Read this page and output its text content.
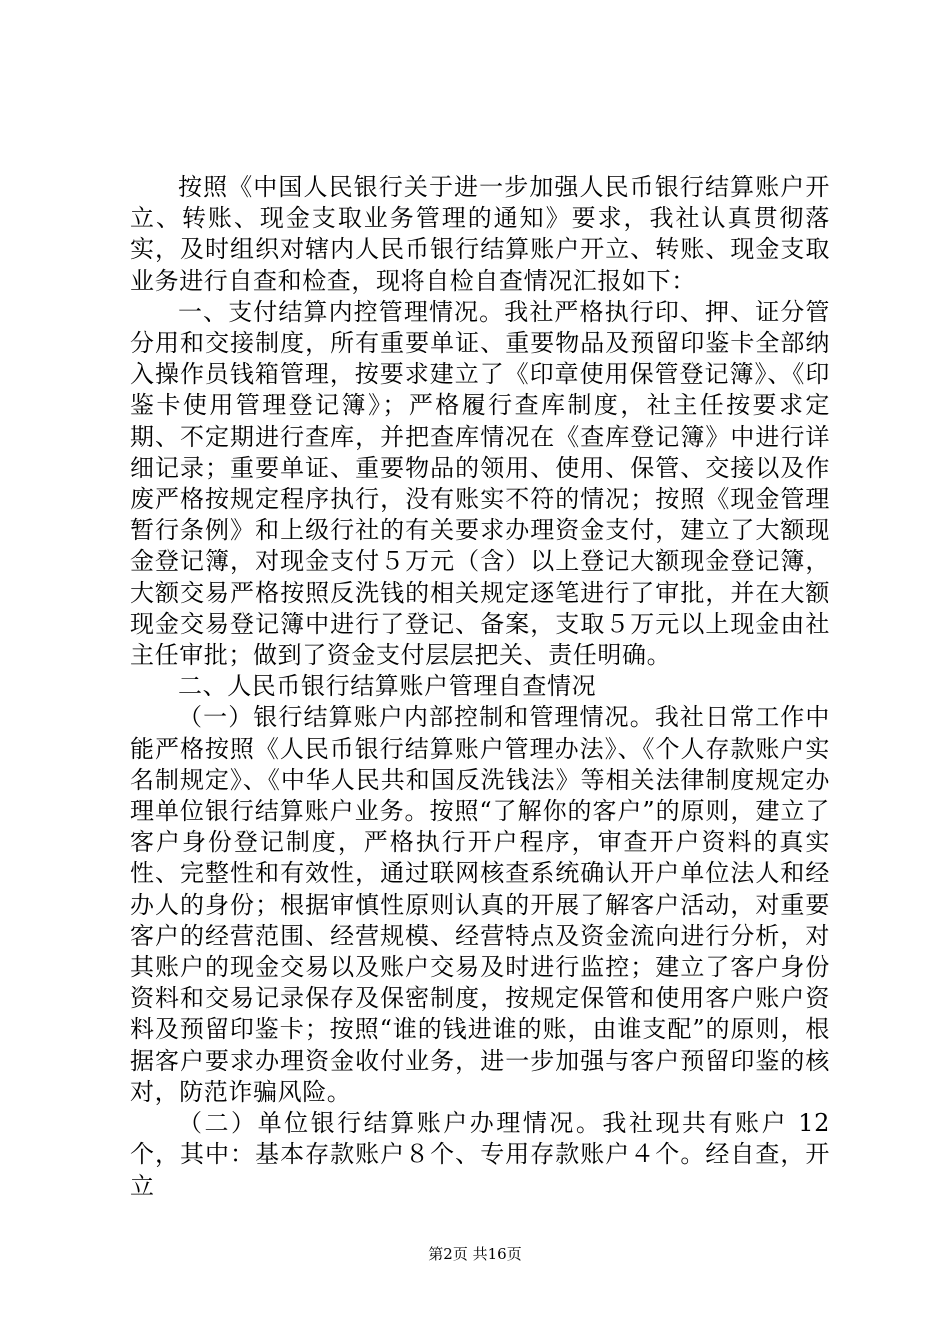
按照《中国人民银行关于进一步加强人民币银行结算账户开立、转账、现金支取业务管理的通知》要求，我社认真贯彻落实，及时组织对辖内人民币银行结算账户开立、转账、现金支取业务进行自查和检查，现将自检自查情况汇报如下：

一、支付结算内控管理情况。我社严格执行印、押、证分管分用和交接制度，所有重要单证、重要物品及预留印鉴卡全部纳入操作员钱箱管理，按要求建立了《印章使用保管登记簿》、《印鉴卡使用管理登记簿》；严格履行查库制度，社主任按要求定期、不定期进行查库，并把查库情况在《查库登记簿》中进行详细记录；重要单证、重要物品的领用、使用、保管、交接以及作废严格按规定程序执行，没有账实不符的情况；按照《现金管理暂行条例》和上级行社的有关要求办理资金支付，建立了大额现金登记簿，对现金支付５万元（含）以上登记大额现金登记簿，大额交易严格按照反洗钱的相关规定逐笔进行了审批，并在大额现金交易登记簿中进行了登记、备案，支取５万元以上现金由社主任审批；做到了资金支付层层把关、责任明确。

二、人民币银行结算账户管理自查情况

（一）银行结算账户内部控制和管理情况。我社日常工作中能严格按照《人民币银行结算账户管理办法》、《个人存款账户实名制规定》、《中华人民共和国反洗钱法》等相关法律制度规定办理单位银行结算账户业务。按照“了解你的客户”的原则，建立了客户身份登记制度，严格执行开户程序，审查开户资料的真实性、完整性和有效性，通过联网核查系统确认开户单位法人和经办人的身份；根据审慎性原则认真的开展了解客户活动，对重要客户的经营范围、经营规模、经营特点及资金流向进行分析，对其账户的现金交易以及账户交易及时进行监控；建立了客户身份资料和交易记录保存及保密制度，按规定保管和使用客户账户资料及预留印鉴卡；按照“谁的钱进谁的账，由谁支配”的原则，根据客户要求办理资金收付业务，进一步加强与客户预留印鉴的核对，防范诈骗风险。

（二）单位银行结算账户办理情况。我社现共有账户 12 个，其中：基本存款账户８个、专用存款账户４个。经自查，开立

第2页 共16页
